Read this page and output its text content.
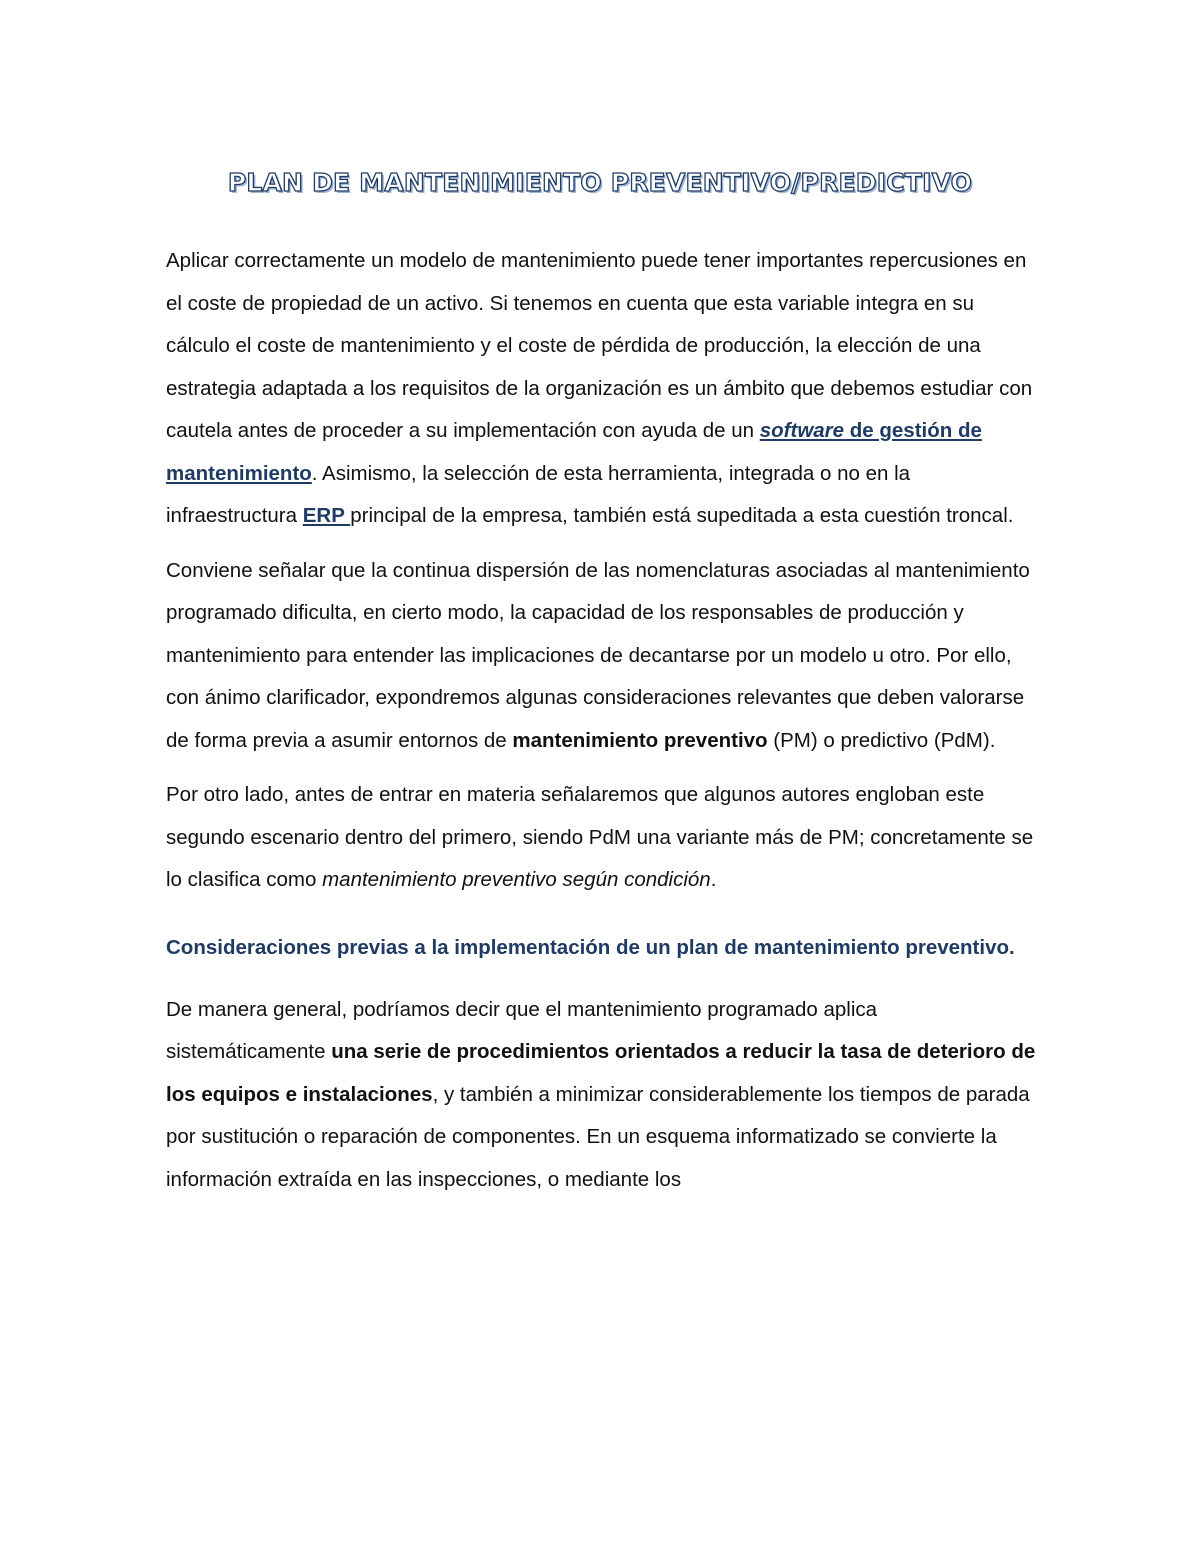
PLAN DE MANTENIMIENTO PREVENTIVO/PREDICTIVO

Aplicar correctamente un modelo de mantenimiento puede tener importantes repercusiones en el coste de propiedad de un activo. Si tenemos en cuenta que esta variable integra en su cálculo el coste de mantenimiento y el coste de pérdida de producción, la elección de una estrategia adaptada a los requisitos de la organización es un ámbito que debemos estudiar con cautela antes de proceder a su implementación con ayuda de un software de gestión de mantenimiento. Asimismo, la selección de esta herramienta, integrada o no en la infraestructura ERP principal de la empresa, también está supeditada a esta cuestión troncal.

Conviene señalar que la continua dispersión de las nomenclaturas asociadas al mantenimiento programado dificulta, en cierto modo, la capacidad de los responsables de producción y mantenimiento para entender las implicaciones de decantarse por un modelo u otro. Por ello, con ánimo clarificador, expondremos algunas consideraciones relevantes que deben valorarse de forma previa a asumir entornos de mantenimiento preventivo (PM) o predictivo (PdM).

Por otro lado, antes de entrar en materia señalaremos que algunos autores engloban este segundo escenario dentro del primero, siendo PdM una variante más de PM; concretamente se lo clasifica como mantenimiento preventivo según condición.

Consideraciones previas a la implementación de un plan de mantenimiento preventivo.

De manera general, podríamos decir que el mantenimiento programado aplica sistemáticamente una serie de procedimientos orientados a reducir la tasa de deterioro de los equipos e instalaciones, y también a minimizar considerablemente los tiempos de parada por sustitución o reparación de componentes. En un esquema informatizado se convierte la información extraída en las inspecciones, o mediante los
